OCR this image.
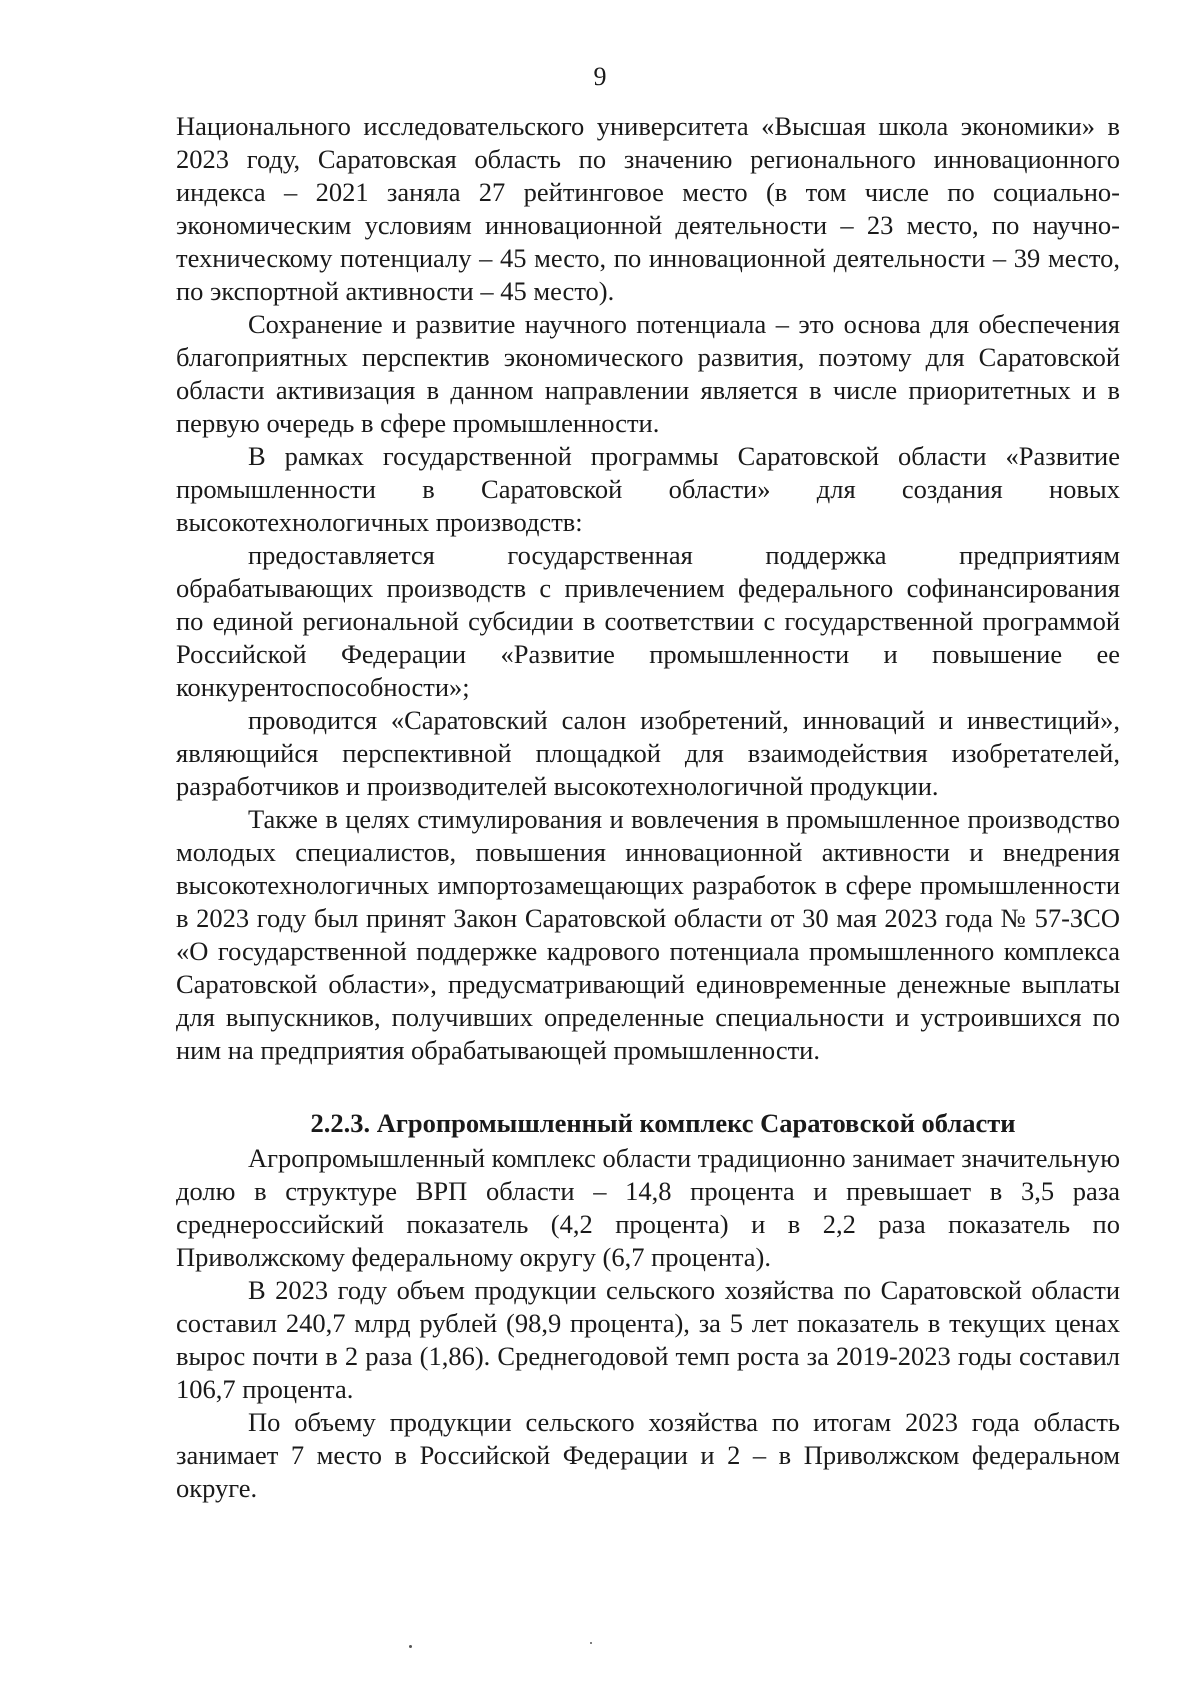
9

Национального исследовательского университета «Высшая школа экономики» в 2023 году, Саратовская область по значению регионального инновационного индекса – 2021 заняла 27 рейтинговое место (в том числе по социально-экономическим условиям инновационной деятельности – 23 место, по научно-техническому потенциалу – 45 место, по инновационной деятельности – 39 место, по экспортной активности – 45 место).

Сохранение и развитие научного потенциала – это основа для обеспечения благоприятных перспектив экономического развития, поэтому для Саратовской области активизация в данном направлении является в числе приоритетных и в первую очередь в сфере промышленности.

В рамках государственной программы Саратовской области «Развитие промышленности в Саратовской области» для создания новых высокотехнологичных производств:

предоставляется государственная поддержка предприятиям обрабатывающих производств с привлечением федерального софинансирования по единой региональной субсидии в соответствии с государственной программой Российской Федерации «Развитие промышленности и повышение ее конкурентоспособности»;

проводится «Саратовский салон изобретений, инноваций и инвестиций», являющийся перспективной площадкой для взаимодействия изобретателей, разработчиков и производителей высокотехнологичной продукции.

Также в целях стимулирования и вовлечения в промышленное производство молодых специалистов, повышения инновационной активности и внедрения высокотехнологичных импортозамещающих разработок в сфере промышленности в 2023 году был принят Закон Саратовской области от 30 мая 2023 года № 57-ЗСО «О государственной поддержке кадрового потенциала промышленного комплекса Саратовской области», предусматривающий единовременные денежные выплаты для выпускников, получивших определенные специальности и устроившихся по ним на предприятия обрабатывающей промышленности.

2.2.3. Агропромышленный комплекс Саратовской области

Агропромышленный комплекс области традиционно занимает значительную долю в структуре ВРП области – 14,8 процента и превышает в 3,5 раза среднероссийский показатель (4,2 процента) и в 2,2 раза показатель по Приволжскому федеральному округу (6,7 процента).

В 2023 году объем продукции сельского хозяйства по Саратовской области составил 240,7 млрд рублей (98,9 процента), за 5 лет показатель в текущих ценах вырос почти в 2 раза (1,86). Среднегодовой темп роста за 2019-2023 годы составил 106,7 процента.

По объему продукции сельского хозяйства по итогам 2023 года область занимает 7 место в Российской Федерации и 2 – в Приволжском федеральном округе.
